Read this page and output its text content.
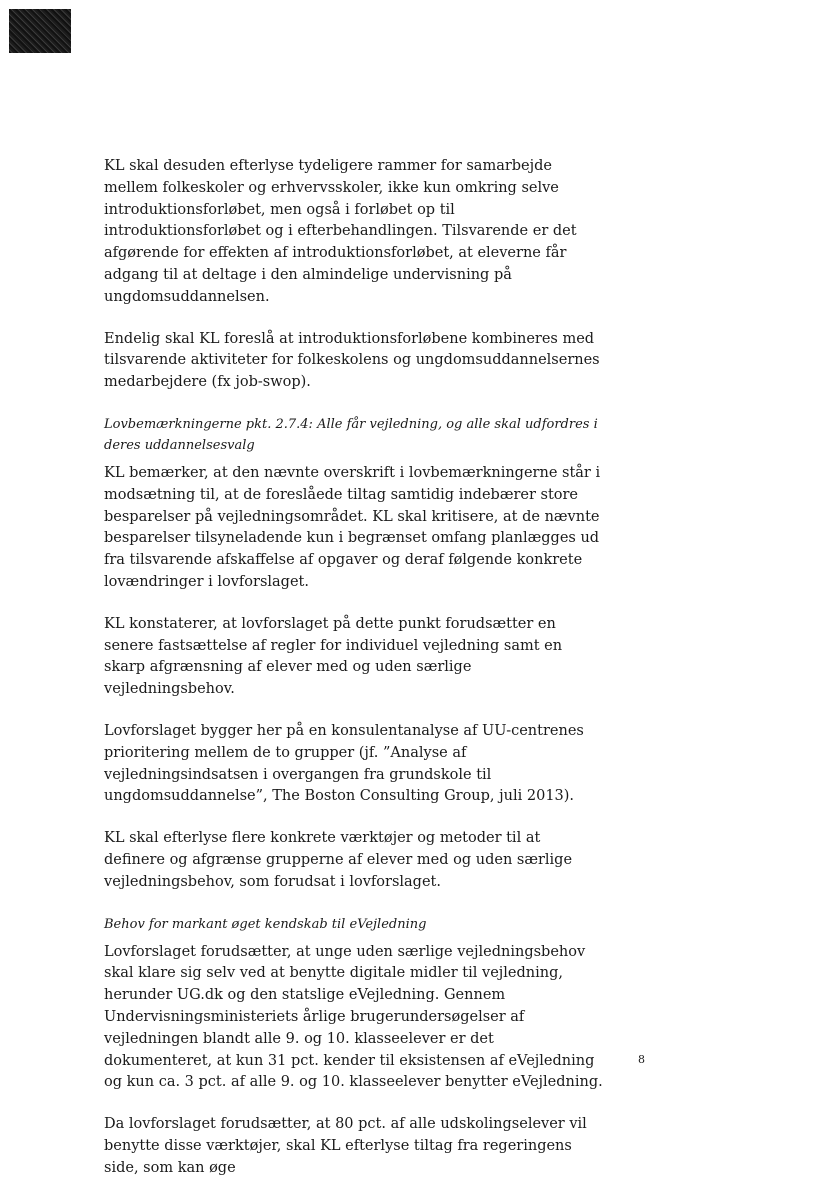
KL skal desuden efterlyse tydeligere rammer for samarbejde mellem folkeskoler og erhvervsskoler, ikke kun omkring selve introduktionsforløbet, men også i forløbet op til introduktionsforløbet og i efterbehandlingen. Tilsvarende er det afgørende for effekten af introduktionsforløbet, at eleverne får adgang til at deltage i den almindelige undervisning på ungdomsuddannelsen.

Endelig skal KL foreslå at introduktionsforløbene kombineres med tilsvarende aktiviteter for folkeskolens og ungdomsuddannelsernes medarbejdere (fx job-swop).

Lovbemærkningerne pkt. 2.7.4: Alle får vejledning, og alle skal udfordres i deres uddannelsesvalg

KL bemærker, at den nævnte overskrift i lovbemærkningerne står i modsætning til, at de foreslåede tiltag samtidig indebærer store besparelser på vejledningsområdet. KL skal kritisere, at de nævnte besparelser tilsyneladende kun i begrænset omfang planlægges ud fra tilsvarende afskaffelse af opgaver og deraf følgende konkrete lovændringer i lovforslaget.

KL konstaterer, at lovforslaget på dette punkt forudsætter en senere fastsættelse af regler for individuel vejledning samt en skarp afgrænsning af elever med og uden særlige vejledningsbehov.

Lovforslaget bygger her på en konsulentanalyse af UU-centrenes prioritering mellem de to grupper (jf. ”Analyse af vejledningsindsatsen i overgangen fra grundskole til ungdomsuddannelse”, The Boston Consulting Group, juli 2013).

KL skal efterlyse flere konkrete værktøjer og metoder til at definere og afgrænse grupperne af elever med og uden særlige vejledningsbehov, som forudsat i lovforslaget.

Behov for markant øget kendskab til eVejledning

Lovforslaget forudsætter, at unge uden særlige vejledningsbehov skal klare sig selv ved at benytte digitale midler til vejledning, herunder UG.dk og den statslige eVejledning. Gennem Undervisningsministeriets årlige brugerundersøgelser af vejledningen blandt alle 9. og 10. klasseelever er det dokumenteret, at kun 31 pct. kender til eksistensen af eVejledning og kun ca. 3 pct. af alle 9. og 10. klasseelever benytter eVejledning.

Da lovforslaget forudsætter, at 80 pct. af alle udskolingselever vil benytte disse værktøjer, skal KL efterlyse tiltag fra regeringens side, som kan øge

8
